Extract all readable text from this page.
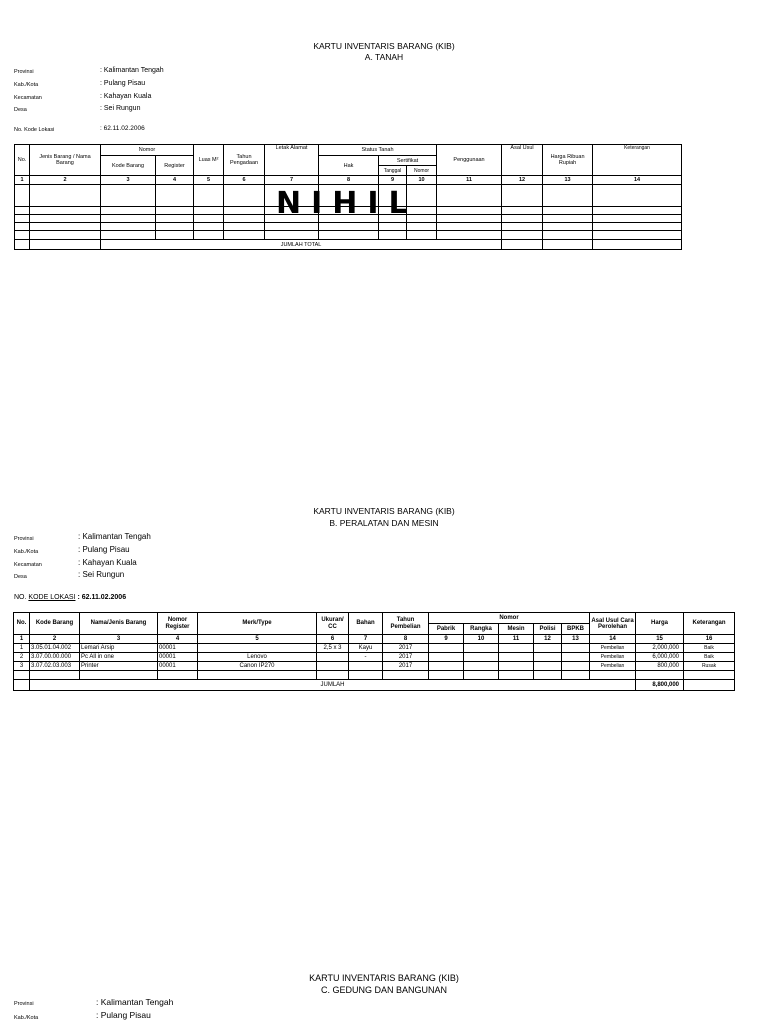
KARTU INVENTARIS BARANG (KIB)
A. TANAH
Provinsi	: Kalimantan Tengah
Kab./Kota	: Pulang Pisau
Kecamatan	: Kahayan Kuala
Desa	: Sei Rungun
No. Kode Lokasi	: 62.11.02.2006
No.	Jenis Barang / Nama Barang	Nomor		Luas M²	Tahun Pengadaan	Letak Alamat	Status Tanah			Penggunaan	Asal Usul	Harga Ribuan Rupiah	Keterangan
		Kode Barang	Register				Hak	Sertifikat					
								Tanggal	Nomor				
1	2	3	4	5	6	7	8	9	10	11	12	13	14

		JUMLAH TOTAL											
NIHIL
KARTU INVENTARIS BARANG (KIB)
B. PERALATAN DAN MESIN
Provinsi	: Kalimantan Tengah
Kab./Kota	: Pulang Pisau
Kecamatan	: Kahayan Kuala
Desa	: Sei Rungun
NO. KODE LOKASI : 62.11.02.2006
No.	Kode Barang	Nama/Jenis Barang	Nomor Register	Merk/Type	Ukuran/ CC	Bahan	Tahun Pembelian	Nomor					Asal Usul Cara Perolehan	Harga	Keterangan
								Pabrik	Rangka	Mesin	Polisi	BPKB			
1	2	3	4	5	6	7	8	9	10	11	12	13	14	15	16
1	3.05.01.04.002	Lemari Arsip	00001		2,5 x 3	Kayu	2017						Pembelian	2,000,000	Baik
2	3.07.00.00.000	Pc All in one	00001	Lenovo		-	2017						Pembelian	6,000,000	Baik
3	3.07.02.03.003	Printer	00001	Canon IP270			2017						Pembelian	800,000	Rusak

	JUMLAH													8,800,000	
KARTU INVENTARIS BARANG (KIB)
C. GEDUNG DAN BANGUNAN
Provinsi	: Kalimantan Tengah
Kab./Kota	: Pulang Pisau
